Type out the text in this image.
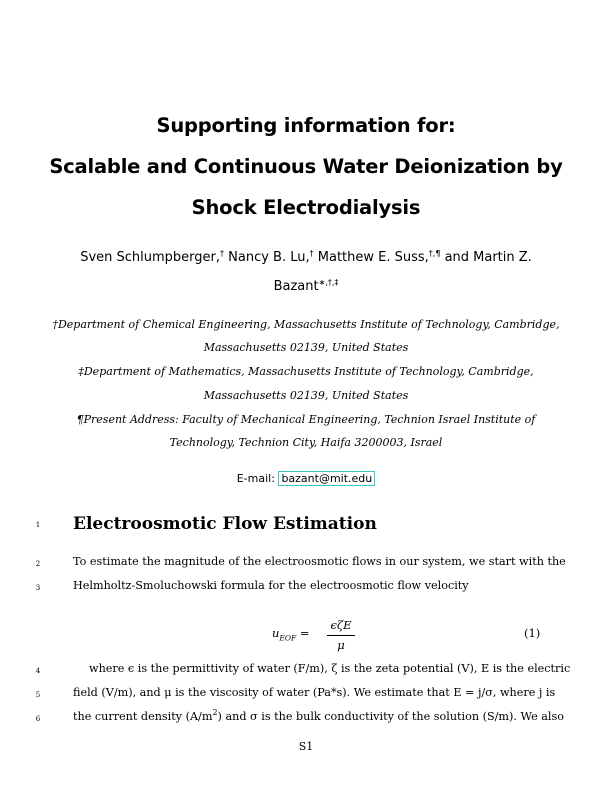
Supporting information for:
Scalable and Continuous Water Deionization by
Shock Electrodialysis
Sven Schlumpberger,† Nancy B. Lu,† Matthew E. Suss,†,¶ and Martin Z.
Bazant∗,†,‡
†Department of Chemical Engineering, Massachusetts Institute of Technology, Cambridge,
Massachusetts 02139, United States
‡Department of Mathematics, Massachusetts Institute of Technology, Cambridge,
Massachusetts 02139, United States
¶Present Address: Faculty of Mechanical Engineering, Technion Israel Institute of
Technology, Technion City, Haifa 3200003, Israel
E-mail: bazant@mit.edu
1	Electroosmotic Flow Estimation
2	To estimate the magnitude of the electroosmotic flows in our system, we start with the
3	Helmholtz-Smoluchowski formula for the electroosmotic flow velocity
$u_{EOF}$ =
ϵζE
μ
(1)
4	where ϵ is the permittivity of water (F/m), ζ is the zeta potential (V), E is the electric
5	field (V/m), and μ is the viscosity of water (Pa*s). We estimate that E = j/σ, where j is
6	the current density $(A/m^2)$ and σ is the bulk conductivity of the solution (S/m). We also
S1
